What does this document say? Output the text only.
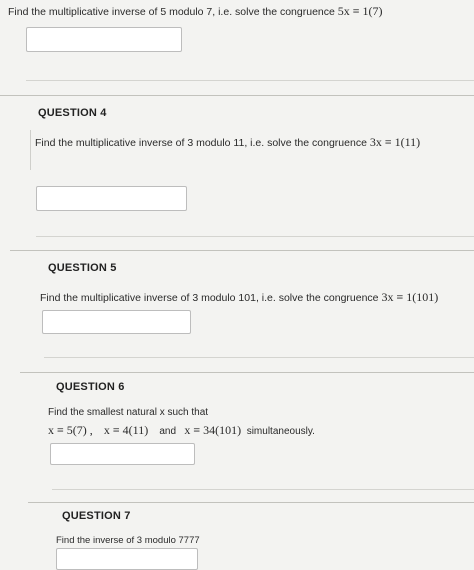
Find the multiplicative inverse of 5 modulo 7, i.e. solve the congruence 5x ≡ 1(7)
QUESTION 4
Find the multiplicative inverse of 3 modulo 11, i.e. solve the congruence 3x ≡ 1(11)
QUESTION 5
Find the multiplicative inverse of 3 modulo 101, i.e. solve the congruence 3x ≡ 1(101)
QUESTION 6
Find the smallest natural x such that
x ≡ 5(7) , x ≡ 4(11) and x ≡ 34(101) simultaneously.
QUESTION 7
Find the inverse of 3 modulo 7777
